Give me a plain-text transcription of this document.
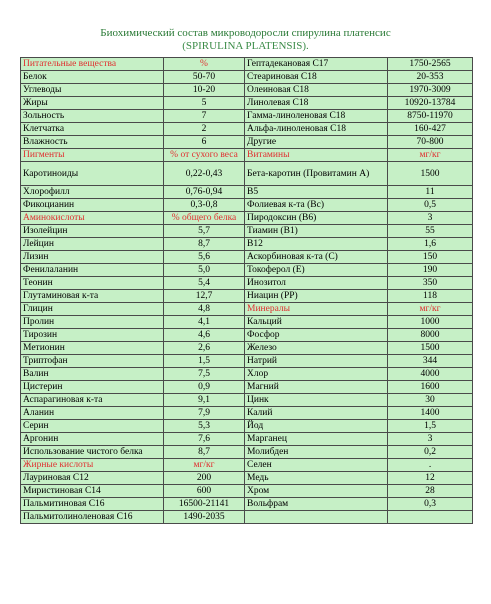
Биохимический состав микроводоросли спирулина платенсис
(SPIRULINA PLATENSIS).
Питательные вещества	%	Гептадекановая С17	1750-2565
Белок	50-70	Стеариновая С18	20-353
Углеводы	10-20	Олеиновая С18	1970-3009
Жиры	5	Линолевая С18	10920-13784
Зольность	7	Гамма-линоленовая С18	8750-11970
Клетчатка	2	Альфа-линоленовая С18	160-427
Влажность	6	Другие	70-800
Пигменты	% от сухого веса	Витамины	мг/кг
Каротиноиды	0,22-0,43	Бета-каротин (Провитамин А)	1500
Хлорофилл	0,76-0,94	В5	11
Фикоцианин	0,3-0,8	Фолиевая к-та (Вс)	0,5
Аминокислоты	% общего белка	Пиродоксин (В6)	3
Изолейцин	5,7	Тиамин (В1)	55
Лейцин	8,7	В12	1,6
Лизин	5,6	Аскорбиновая к-та (С)	150
Фенилаланин	5,0	Токоферол (Е)	190
Теонин	5,4	Инозитол	350
Глутаминовая к-та	12,7	Ниацин (РР)	118
Глицин	4,8	Минералы	мг/кг
Пролин	4,1	Кальций	1000
Тирозин	4,6	Фосфор	8000
Метионин	2,6	Железо	1500
Триптофан	1,5	Натрий	344
Валин	7,5	Хлор	4000
Цистерин	0,9	Магний	1600
Аспарагиновая к-та	9,1	Цинк	30
Аланин	7,9	Калий	1400
Серин	5,3	Йод	1,5
Аргонин	7,6	Марганец	3
Использование чистого белка	8,7	Молибден	0,2
Жирные кислоты	мг/кг	Селен	.
Лауриновая С12	200	Медь	12
Миристиновая С14	600	Хром	28
Пальмитиновая С16	16500-21141	Вольфрам	0,3
Пальмитолиноленовая С16	1490-2035		
